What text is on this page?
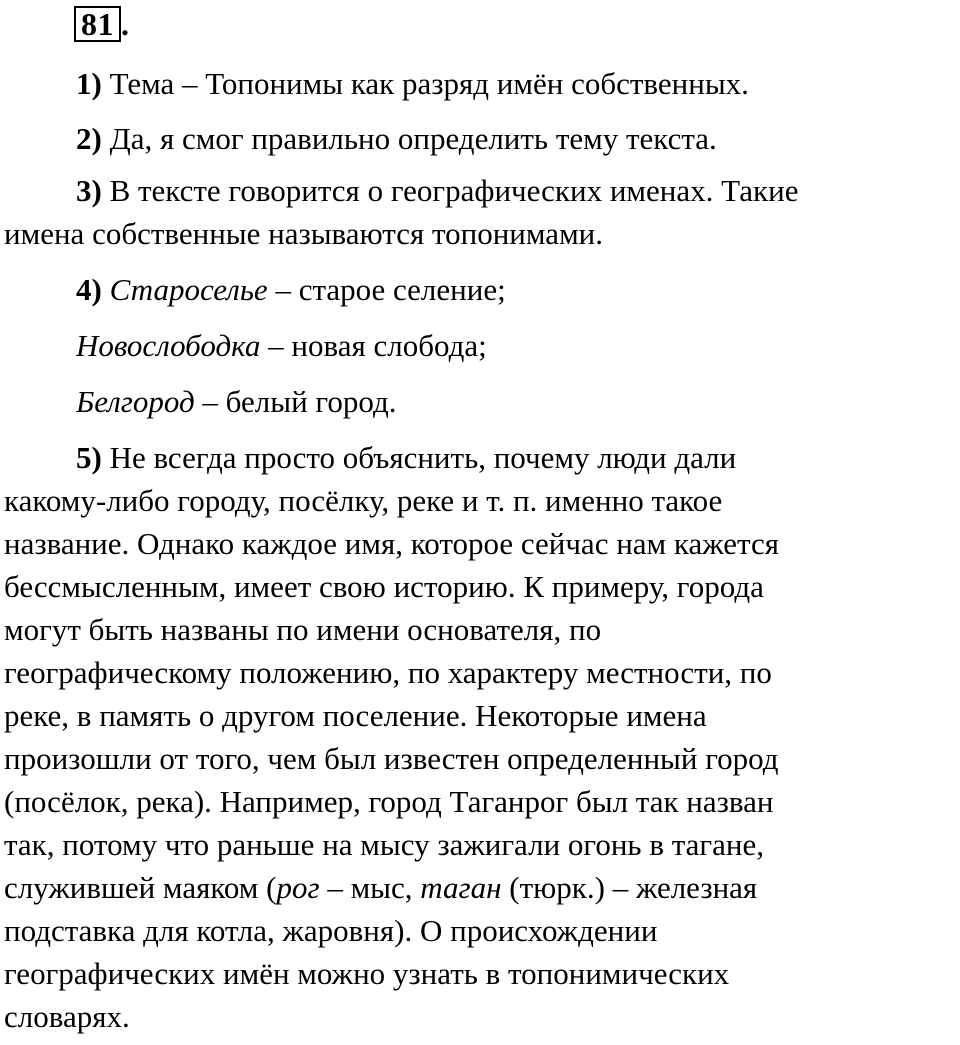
81 .
1) Тема – Топонимы как разряд имён собственных.
2) Да, я смог правильно определить тему текста.
3) В тексте говорится о географических именах. Такие
имена собственные называются топонимами.
4) Староселье – старое селение;
Новослободка – новая слобода;
Белгород – белый город.
5) Не всегда просто объяснить, почему люди дали
какому-либо городу, посёлку, реке и т. п. именно такое
название. Однако каждое имя, которое сейчас нам кажется
бессмысленным, имеет свою историю. К примеру, города
могут быть названы по имени основателя, по
географическому положению, по характеру местности, по
реке, в память о другом поселение. Некоторые имена
произошли от того, чем был известен определенный город
(посёлок, река). Например, город Таганрог был так назван
так, потому что раньше на мысу зажигали огонь в тагане,
служившей маяком (рог – мыс, таган (тюрк.) – железная
подставка для котла, жаровня). О происхождении
географических имён можно узнать в топонимических
словарях.
